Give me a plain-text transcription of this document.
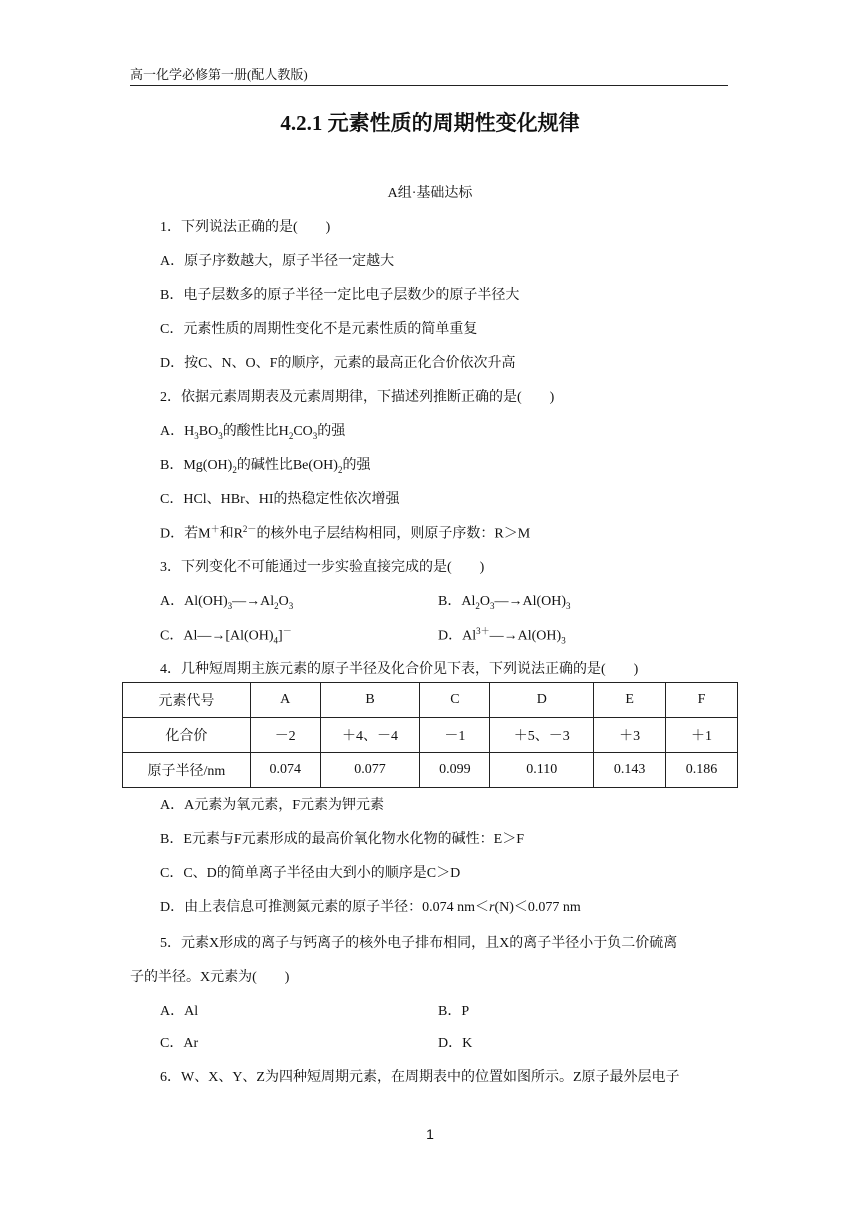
高一化学必修第一册(配人教版)
4.2.1 元素性质的周期性变化规律
A组·基础达标
1．下列说法正确的是(　　)
A．原子序数越大，原子半径一定越大
B．电子层数多的原子半径一定比电子层数少的原子半径大
C．元素性质的周期性变化不是元素性质的简单重复
D．按C、N、O、F的顺序，元素的最高正化合价依次升高
2．依据元素周期表及元素周期律，下描述列推断正确的是(　　)
A．$H_3BO_3$的酸性比$H_2CO_3$的强
B．$Mg(OH)_2$的碱性比$Be(OH)_2$的强
C．HCl、HBr、HI的热稳定性依次增强
D．若M＋和$R^{2-}$的核外电子层结构相同，则原子序数：R＞M
3．下列变化不可能通过一步实验直接完成的是(　　)
A．$Al(OH)_3―\to Al_2O_3$	B．$Al_2O_3―\to Al(OH)_3$
C．$Al―\to[Al(OH)_4]^-$	D．$Al^{3+}―\to Al(OH)_3$
4．几种短周期主族元素的原子半径及化合价见下表，下列说法正确的是(　　)
元素代号	A	B	C	D	E	F
化合价	－2	＋4、－4	－1	＋5、－3	＋3	＋1
原子半径/nm	0.074	0.077	0.099	0.110	0.143	0.186
A．A元素为氧元素，F元素为钾元素
B．E元素与F元素形成的最高价氧化物水化物的碱性：E＞F
C．C、D的简单离子半径由大到小的顺序是C＞D
D．由上表信息可推测氮元素的原子半径：0.074 nm＜r(N)＜0.077 nm
5．元素X形成的离子与钙离子的核外电子排布相同，且X的离子半径小于负二价硫离
子的半径。X元素为(　　)
A．Al	B．P
C．Ar	D．K
6．W、X、Y、Z为四种短周期元素，在周期表中的位置如图所示。Z原子最外层电子
1
